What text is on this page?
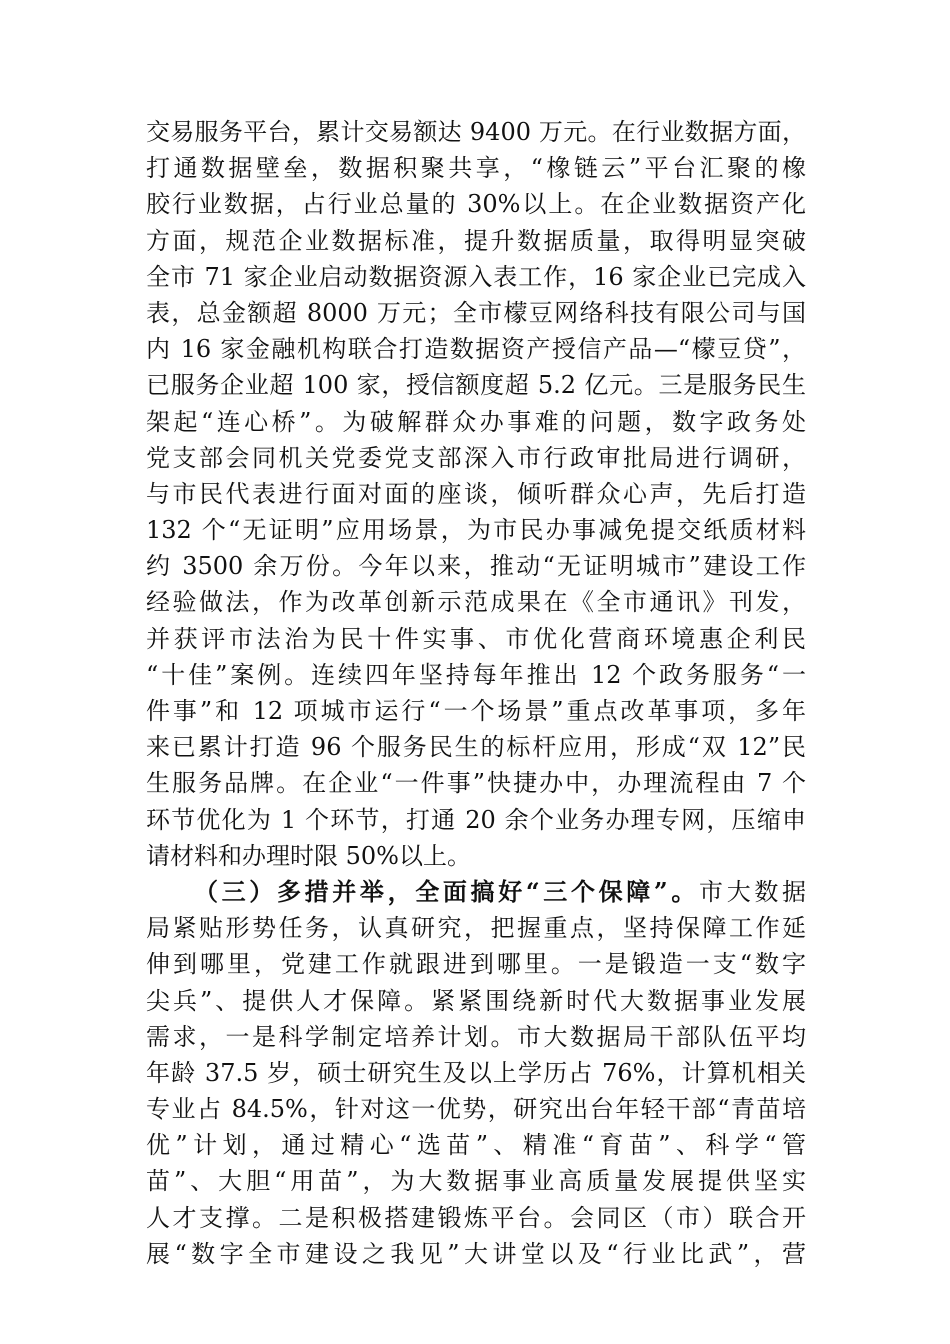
交易服务平台，累计交易额达 9400 万元。在行业数据方面，
打通数据壁垒，数据积聚共享，“橡链云”平台汇聚的橡
胶行业数据，占行业总量的 30%以上。在企业数据资产化
方面，规范企业数据标准，提升数据质量，取得明显突破
全市 71 家企业启动数据资源入表工作，16 家企业已完成入
表，总金额超 8000 万元；全市檬豆网络科技有限公司与国
内 16 家金融机构联合打造数据资产授信产品—“檬豆贷”，
已服务企业超 100 家，授信额度超 5.2 亿元。三是服务民生
架起“连心桥”。为破解群众办事难的问题，数字政务处
党支部会同机关党委党支部深入市行政审批局进行调研，
与市民代表进行面对面的座谈，倾听群众心声，先后打造
132 个“无证明”应用场景，为市民办事减免提交纸质材料
约 3500 余万份。今年以来，推动“无证明城市”建设工作
经验做法，作为改革创新示范成果在《全市通讯》刊发，
并获评市法治为民十件实事、市优化营商环境惠企利民
“十佳”案例。连续四年坚持每年推出 12 个政务服务“一
件事”和 12 项城市运行“一个场景”重点改革事项，多年
来已累计打造 96 个服务民生的标杆应用，形成“双 12”民
生服务品牌。在企业“一件事”快捷办中，办理流程由 7 个
环节优化为 1 个环节，打通 20 余个业务办理专网，压缩申
请材料和办理时限 50%以上。
（三）多措并举，全面搞好“三个保障”。市大数据
局紧贴形势任务，认真研究，把握重点，坚持保障工作延
伸到哪里，党建工作就跟进到哪里。一是锻造一支“数字
尖兵”、提供人才保障。紧紧围绕新时代大数据事业发展
需求，一是科学制定培养计划。市大数据局干部队伍平均
年龄 37.5 岁，硕士研究生及以上学历占 76%，计算机相关
专业占 84.5%，针对这一优势，研究出台年轻干部“青苗培
优”计划，通过精心“选苗”、精准“育苗”、科学“管
苗”、大胆“用苗”，为大数据事业高质量发展提供坚实
人才支撑。二是积极搭建锻炼平台。会同区（市）联合开
展“数字全市建设之我见”大讲堂以及“行业比武”，营
